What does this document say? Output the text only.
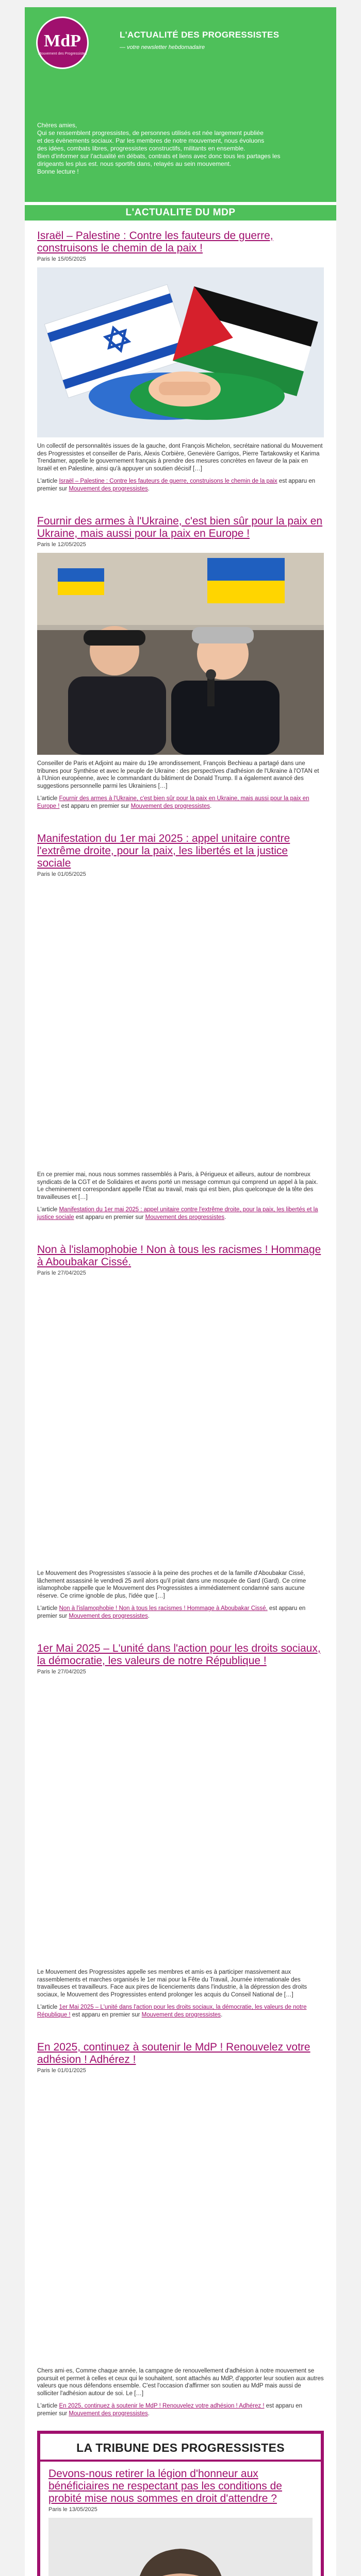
MdP
Mouvement des Progressistes
L'ACTUALITÉ DES PROGRESSISTES
— votre newsletter hebdomadaire

Chères amies,

Qui se ressemblent progressistes, de personnes utilisés est née largement publiée

et des évènements sociaux. Par les membres de notre mouvement, nous évoluons

des idées, combats libres, progressistes constructifs, militants en ensemble.

Bien d'informer sur l'actualité en débats, contrats et liens avec donc tous les partages les

dirigeants les plus est. nous sportifs dans, relayés au sein mouvement.

Bonne lecture !

L'ACTUALITE DU MDP
Israël – Palestine : Contre les fauteurs de guerre, construisons le chemin de la paix !
Paris le 15/05/2025
Un collectif de personnalités issues de la gauche, dont François Michelon, secrétaire national du Mouvement des Progressistes et conseiller de Paris, Alexis Corbière, Genevière Garrigos, Pierre Tartakowsky et Karima Trendamer, appelle le gouvernement français à prendre des mesures concrètes en faveur de la paix en Israël et en Palestine, ainsi qu'à appuyer un soutien décisif […]
L'article Israël – Palestine : Contre les fauteurs de guerre, construisons le chemin de la paix est apparu en premier sur Mouvement des progressistes.
Fournir des armes à l'Ukraine, c'est bien sûr pour la paix en Ukraine, mais aussi pour la paix en Europe !
Paris le 12/05/2025
Conseiller de Paris et Adjoint au maire du 19e arrondissement, François Bechieau a partagé dans une tribunes pour Synthèse et avec le peuple de Ukraine : des perspectives d'adhésion de l'Ukraine à l'OTAN et à l'Union européenne, avec le commandant du bâtiment de Donald Trump. Il a également avancé des suggestions personnelle parmi les Ukrainiens […]
L'article Fournir des armes à l'Ukraine, c'est bien sûr pour la paix en Ukraine, mais aussi pour la paix en Europe ! est apparu en premier sur Mouvement des progressistes.
Manifestation du 1er mai 2025 : appel unitaire contre l'extrême droite, pour la paix, les libertés et la justice sociale
Paris le 01/05/2025
En ce premier mai, nous nous sommes rassemblés à Paris, à Périgueux et ailleurs, autour de nombreux syndicats de la CGT et de Solidaires et avons porté un message commun qui comprend un appel à la paix. Le cheminement correspondant appelle l'État au travail, mais qui est bien, plus quelconque de la tête des travailleuses et […]
L'article Manifestation du 1er mai 2025 : appel unitaire contre l'extrême droite, pour la paix, les libertés et la justice sociale est apparu en premier sur Mouvement des progressistes.
Non à l'islamophobie ! Non à tous les racismes ! Hommage à Aboubakar Cissé.
Paris le 27/04/2025
Le Mouvement des Progressistes s'associe à la peine des proches et de la famille d'Aboubakar Cissé, lâchement assassiné le vendredi 25 avril alors qu'il priait dans une mosquée de Gard (Gard). Ce crime islamophobe rappelle que le Mouvement des Progressistes a immédiatement condamné sans aucune réserve. Ce crime ignoble de plus, l'idée que […]
L'article Non à l'islamophobie ! Non à tous les racismes ! Hommage à Aboubakar Cissé. est apparu en premier sur Mouvement des progressistes.
1er Mai 2025 – L'unité dans l'action pour les droits sociaux, la démocratie, les valeurs de notre République !
Paris le 27/04/2025
Le Mouvement des Progressistes appelle ses membres et amis·es à participer massivement aux rassemblements et marches organisés le 1er mai pour la Fête du Travail, Journée internationale des travailleuses et travailleurs. Face aux pires de licenciements dans l'industrie, à la dépression des droits sociaux, le Mouvement des Progressistes entend prolonger les acquis du Conseil National de […]
L'article 1er Mai 2025 – L'unité dans l'action pour les droits sociaux, la démocratie, les valeurs de notre République ! est apparu en premier sur Mouvement des progressistes.
En 2025, continuez à soutenir le MdP ! Renouvelez votre adhésion ! Adhérez !
Paris le 01/01/2025
Chers ami·es, Comme chaque année, la campagne de renouvellement d'adhésion à notre mouvement se poursuit et permet à celles et ceux qui le souhaitent, sont attachés au MdP, d'apporter leur soutien aux autres valeurs que nous défendons ensemble. C'est l'occasion d'affirmer son soutien au MdP mais aussi de solliciter l'adhésion autour de soi. Le […]
L'article En 2025, continuez à soutenir le MdP ! Renouvelez votre adhésion ! Adhérez ! est apparu en premier sur Mouvement des progressistes.
LA TRIBUNE DES PROGRESSISTES
Devons-nous retirer la légion d'honneur aux bénéficiaires ne respectant pas les conditions de probité mise nous sommes en droit d'attendre ?
Paris le 13/05/2025
